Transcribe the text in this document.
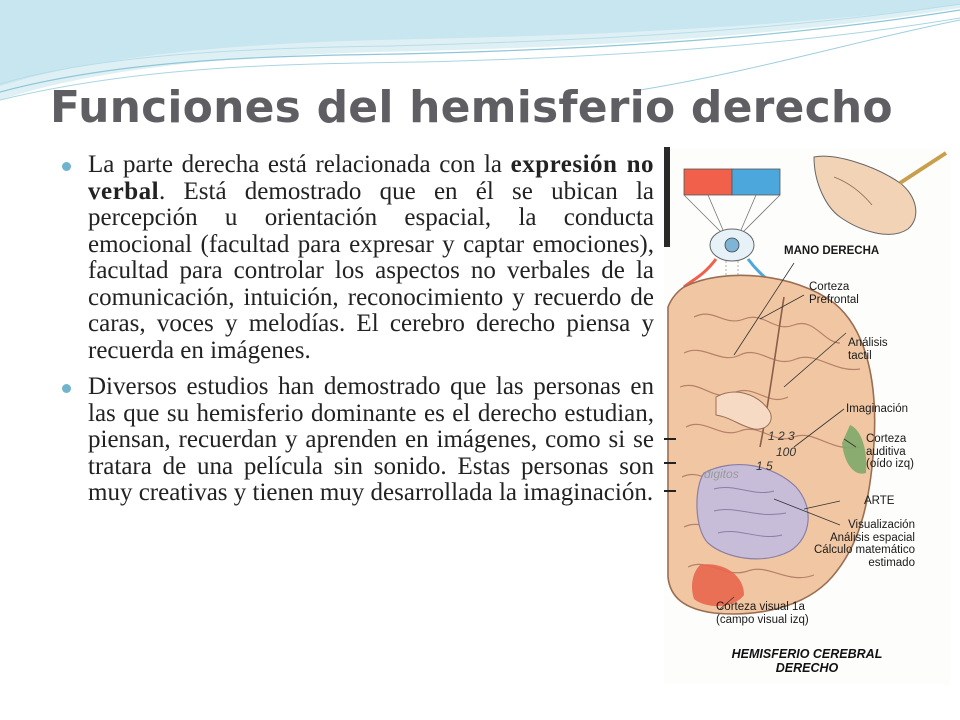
Funciones del hemisferio derecho
La parte derecha está relacionada con la expresión no verbal. Está demostrado que en él se ubican la percepción u orientación espacial, la conducta emocional (facultad para expresar y captar emociones), facultad para controlar los aspectos no verbales de la comunicación, intuición, reconocimiento y recuerdo de caras, voces y melodías. El cerebro derecho piensa y recuerda en imágenes.
Diversos estudios han demostrado que las personas en las que su hemisferio dominante es el derecho estudian, piensan, recuerdan y aprenden en imágenes, como si se tratara de una película sin sonido. Estas personas son muy creativas y tienen muy desarrollada la imaginación.
MANO DERECHA
Corteza
Prefrontal
Análisis
tactil
Imaginación
Corteza
auditiva
(oído izq)
ARTE
Visualización
Análisis espacial
Cálculo matemático
estimado
Corteza visual 1a
(campo visual izq)
1 2 3
100
1 5
digitos
HEMISFERIO CEREBRAL
DERECHO
